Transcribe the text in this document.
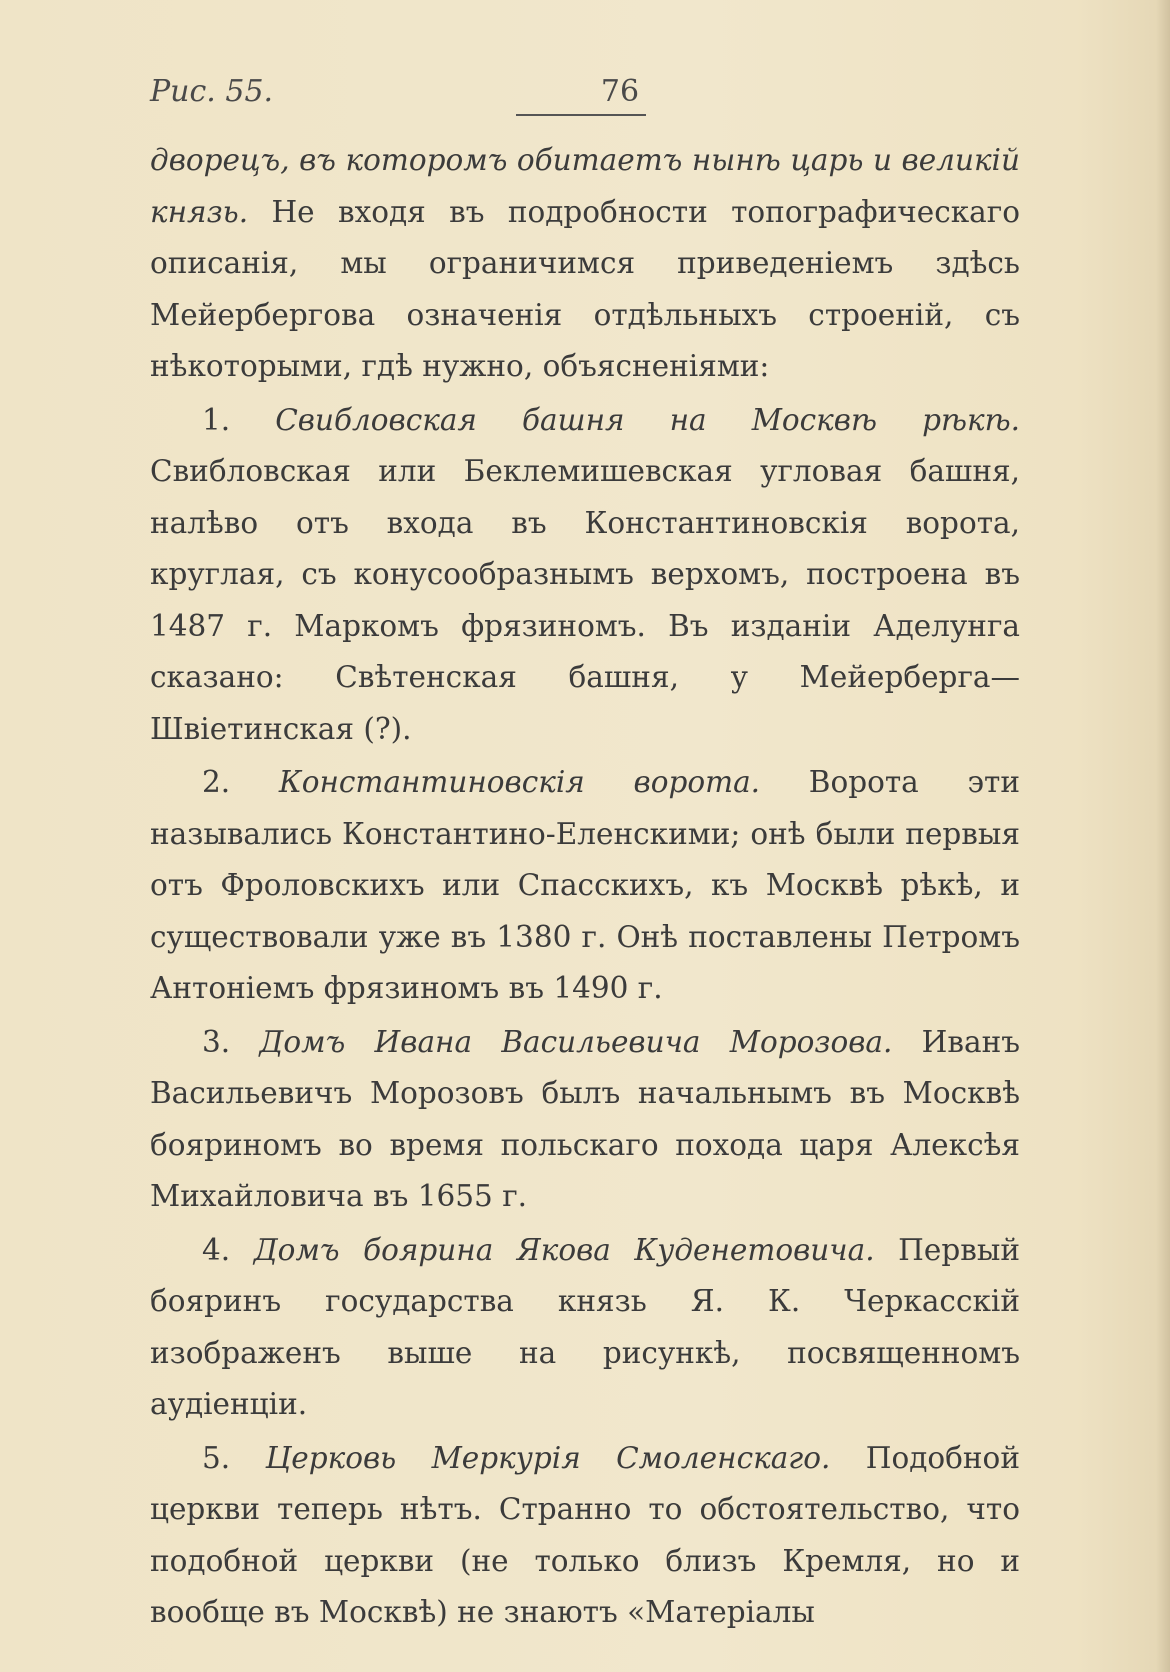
Рис. 55.	76

дворецъ, въ которомъ обитаетъ нынѣ царь и великій князь. Не входя въ подробности топографическаго описанія, мы ограничимся приведеніемъ здѣсь Мейербергова означенія отдѣльныхъ строеній, съ нѣкоторыми, гдѣ нужно, объясненіями:

1. Свибловская башня на Москвѣ рѣкѣ. Свибловская или Беклемишевская угловая башня, налѣво отъ входа въ Константиновскія ворота, круглая, съ конусообразнымъ верхомъ, построена въ 1487 г. Маркомъ фрязиномъ. Въ изданіи Аделунга сказано: Свѣтенская башня, у Мейерберга— Швіетинская (?).

2. Константиновскія ворота. Ворота эти назывались Константино-Еленскими; онѣ были первыя отъ Фроловскихъ или Спасскихъ, къ Москвѣ рѣкѣ, и существовали уже въ 1380 г. Онѣ поставлены Петромъ Антоніемъ фрязиномъ въ 1490 г.

3. Домъ Ивана Васильевича Морозова. Иванъ Васильевичъ Морозовъ былъ начальнымъ въ Москвѣ бояриномъ во время польскаго похода царя Алексѣя Михайловича въ 1655 г.

4. Домъ боярина Якова Куденетовича. Первый бояринъ государства князь Я. К. Черкасскій изображенъ выше на рисункѣ, посвященномъ аудіенціи.

5. Церковь Меркурія Смоленскаго. Подобной церкви теперь нѣтъ. Странно то обстоятельство, что подобной церкви (не только близъ Кремля, но и вообще въ Москвѣ) не знаютъ «Матеріалы
